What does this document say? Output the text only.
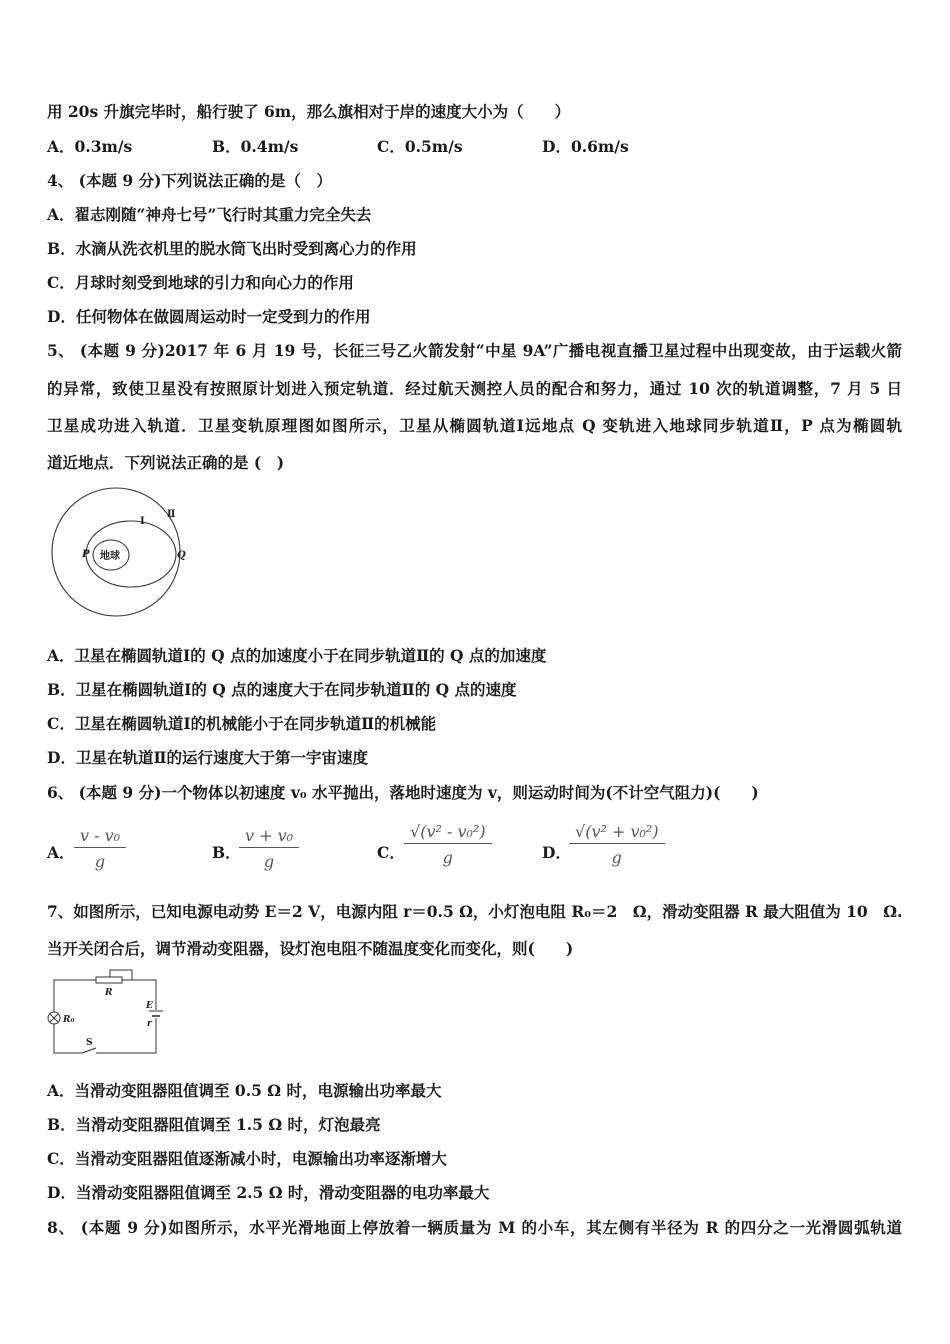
用 20s 升旗完毕时，船行驶了 6m，那么旗相对于岸的速度大小为（　　）
A．0.3m/s	B．0.4m/s	C．0.5m/s	D．0.6m/s
4、 (本题 9 分)下列说法正确的是（　）
A．翟志刚随“神舟七号”飞行时其重力完全失去
B．水滴从洗衣机里的脱水筒飞出时受到离心力的作用
C．月球时刻受到地球的引力和向心力的作用
D．任何物体在做圆周运动时一定受到力的作用
5、 (本题 9 分)2017 年 6 月 19 号，长征三号乙火箭发射“中星 9A”广播电视直播卫星过程中出现变故，由于运载火箭
的异常，致使卫星没有按照原计划进入预定轨道．经过航天测控人员的配合和努力，通过 10 次的轨道调整，7 月 5 日
卫星成功进入轨道．卫星变轨原理图如图所示，卫星从椭圆轨道Ⅰ远地点 Q 变轨进入地球同步轨道Ⅱ，P 点为椭圆轨
道近地点．下列说法正确的是 (　)
地球
P	Q
I
Ⅱ
A．卫星在椭圆轨道Ⅰ的 Q 点的加速度小于在同步轨道Ⅱ的 Q 点的加速度
B．卫星在椭圆轨道Ⅰ的 Q 点的速度大于在同步轨道Ⅱ的 Q 点的速度
C．卫星在椭圆轨道Ⅰ的机械能小于在同步轨道Ⅱ的机械能
D．卫星在轨道Ⅱ的运行速度大于第一宇宙速度
6、 (本题 9 分)一个物体以初速度 v₀ 水平抛出，落地时速度为 v，则运动时间为(不计空气阻力)(　　)
A． $\frac{\text{v - v₀}}{g}$	B．
$\frac{\text{v + v₀}}{g}$	C． $\frac{\text{√(v² - v₀²)}}{g}$	D．
$\frac{\text{√(v² + v₀²)}}{g}$
7、如图所示，已知电源电动势 E＝2 V，电源内阻 r＝0.5 Ω，小灯泡电阻 R₀＝2　Ω，滑动变阻器 R 最大阻值为 10　Ω.
当开关闭合后，调节滑动变阻器，设灯泡电阻不随温度变化而变化，则(　　)
R
E
r
R₀
S
A．当滑动变阻器阻值调至 0.5 Ω 时，电源输出功率最大
B．当滑动变阻器阻值调至 1.5 Ω 时，灯泡最亮
C．当滑动变阻器阻值逐渐减小时，电源输出功率逐渐增大
D．当滑动变阻器阻值调至 2.5 Ω 时，滑动变阻器的电功率最大
8、 (本题 9 分)如图所示，水平光滑地面上停放着一辆质量为 M 的小车，其左侧有半径为 R 的四分之一光滑圆弧轨道
